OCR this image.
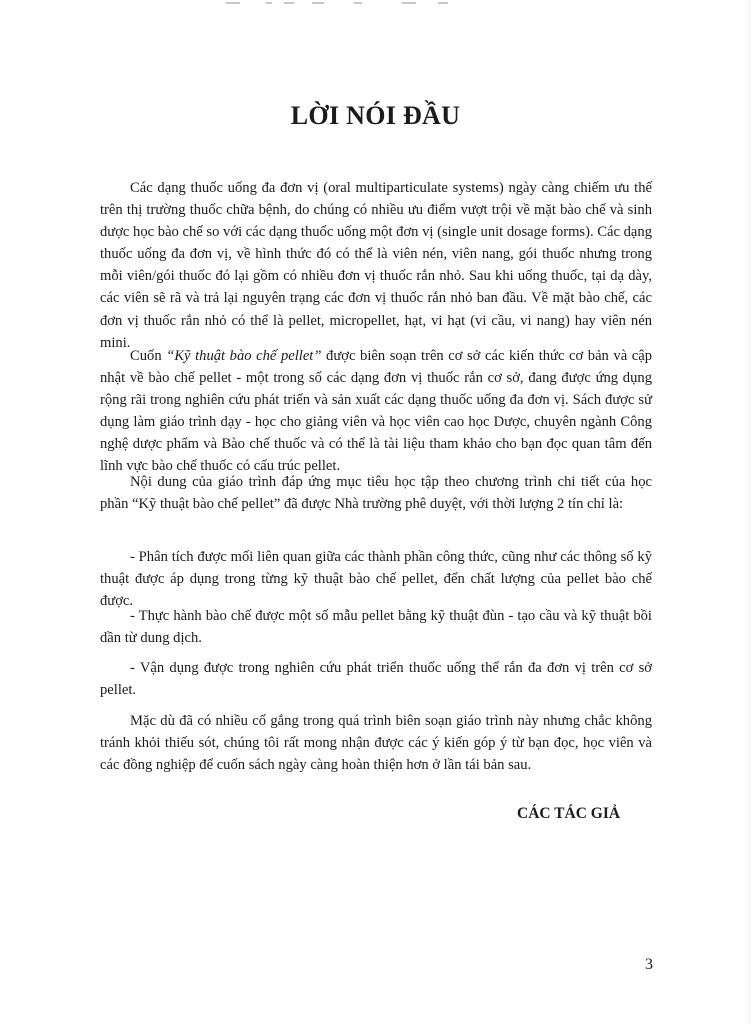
LỜI NÓI ĐẦU

Các dạng thuốc uống đa đơn vị (oral multiparticulate systems) ngày càng chiếm ưu thế trên thị trường thuốc chữa bệnh, do chúng có nhiều ưu điểm vượt trội về mặt bào chế và sinh dược học bào chế so với các dạng thuốc uống một đơn vị (single unit dosage forms). Các dạng thuốc uống đa đơn vị, về hình thức đó có thể là viên nén, viên nang, gói thuốc nhưng trong mỗi viên/gói thuốc đó lại gồm có nhiều đơn vị thuốc rắn nhỏ. Sau khi uống thuốc, tại dạ dày, các viên sẽ rã và trả lại nguyên trạng các đơn vị thuốc rắn nhỏ ban đầu. Về mặt bào chế, các đơn vị thuốc rắn nhỏ có thể là pellet, micropellet, hạt, vi hạt (vi cầu, vi nang) hay viên nén mini.

Cuốn “Kỹ thuật bào chế pellet” được biên soạn trên cơ sở các kiến thức cơ bản và cập nhật về bào chế pellet - một trong số các dạng đơn vị thuốc rắn cơ sở, đang được ứng dụng rộng rãi trong nghiên cứu phát triển và sản xuất các dạng thuốc uống đa đơn vị. Sách được sử dụng làm giáo trình dạy - học cho giảng viên và học viên cao học Dược, chuyên ngành Công nghệ dược phẩm và Bào chế thuốc và có thể là tài liệu tham khảo cho bạn đọc quan tâm đến lĩnh vực bào chế thuốc có cấu trúc pellet.

Nội dung của giáo trình đáp ứng mục tiêu học tập theo chương trình chi tiết của học phần “Kỹ thuật bào chế pellet” đã được Nhà trường phê duyệt, với thời lượng 2 tín chỉ là:

- Phân tích được mối liên quan giữa các thành phần công thức, cũng như các thông số kỹ thuật được áp dụng trong từng kỹ thuật bào chế pellet, đến chất lượng của pellet bào chế được.

- Thực hành bào chế được một số mẫu pellet bằng kỹ thuật đùn - tạo cầu và kỹ thuật bồi dần từ dung dịch.

- Vận dụng được trong nghiên cứu phát triển thuốc uống thể rắn đa đơn vị trên cơ sở pellet.

Mặc dù đã có nhiều cố gắng trong quá trình biên soạn giáo trình này nhưng chắc không tránh khỏi thiếu sót, chúng tôi rất mong nhận được các ý kiến góp ý từ bạn đọc, học viên và các đồng nghiệp để cuốn sách ngày càng hoàn thiện hơn ở lần tái bản sau.

CÁC TÁC GIẢ

3
